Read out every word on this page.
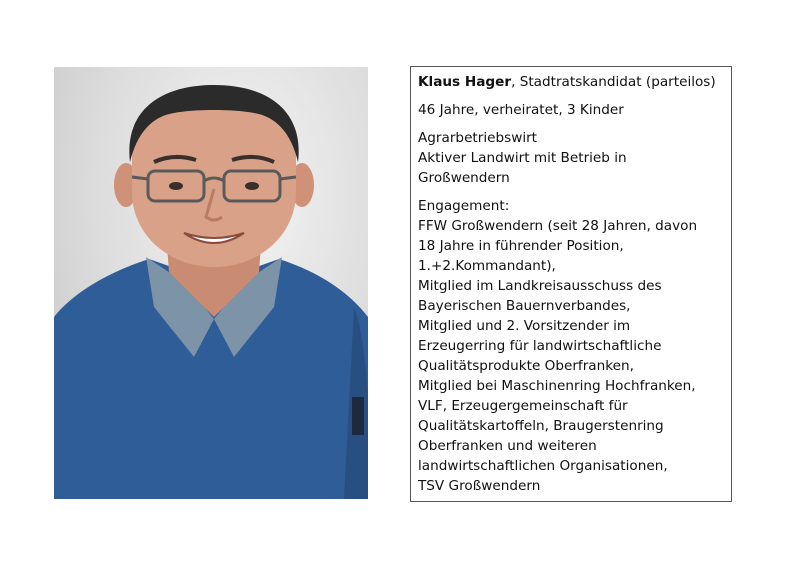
Klaus Hager, Stadtratskandidat (parteilos)

46 Jahre, verheiratet, 3 Kinder

Agrarbetriebswirt
Aktiver Landwirt mit Betrieb in
Großwendern

Engagement:
FFW Großwendern (seit 28 Jahren, davon
18 Jahre in führender Position,
1.+2.Kommandant),
Mitglied im Landkreisausschuss des
Bayerischen Bauernverbandes,
Mitglied und 2. Vorsitzender im
Erzeugerring für landwirtschaftliche
Qualitätsprodukte Oberfranken,
Mitglied bei Maschinenring Hochfranken,
VLF, Erzeugergemeinschaft für
Qualitätskartoffeln, Braugerstenring
Oberfranken und weiteren
landwirtschaftlichen Organisationen,
TSV Großwendern
